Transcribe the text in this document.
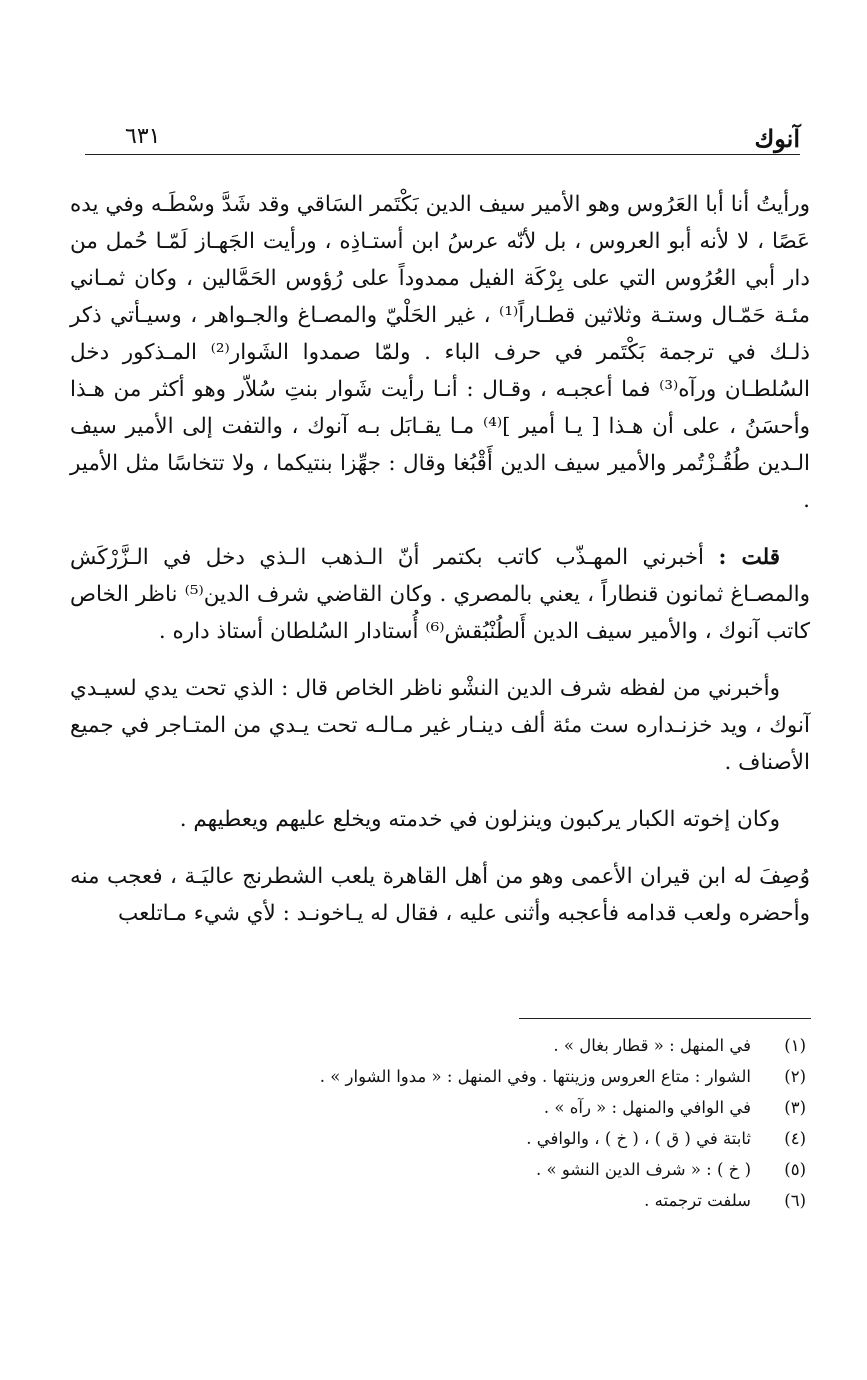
آنوك
٦٣١

ورأيتُ أنا أبا العَرُوس وهو الأمير سيف الدين بَكْتَمر السَاقي وقد شَدَّ وسْطَـه وفي يده عَصًا ، لا لأنه أبو العروس ، بل لأنّه عرسُ ابن أستـاذِه ، ورأيت الجَهـاز لَمّـا حُمل من دار أبي العُرُوس التي على بِرْكَة الفيل ممدوداً على رُؤوس الحَمَّالين ، وكان ثمـاني مئـة حَمّـال وستـة وثلاثين قطـاراً⁽¹⁾ ، غير الحَلْيّ والمصـاغ والجـواهر ، وسيـأتي ذكر ذلـك في ترجمة بَكْتَمر في حرف الباء . ولمّا صمدوا الشَوار⁽²⁾ المـذكور دخل السُلطـان ورآه⁽³⁾ فما أعجبـه ، وقـال : أنـا رأيت شَوار بنتِ سُلاّر وهو أكثر من هـذا وأحسَنُ ، على أن هـذا [ يـا أمير ]⁽⁴⁾ مـا يقـابَل بـه آنوك ، والتفت إلى الأمير سيف الـدين طُقُـزْتُمر والأمير سيف الدين أَقْبُغا وقال : جهِّزا بنتيكما ، ولا تتخاسًا مثل الأمير .

قلت : أخبرني المهـذّب كاتب بكتمر أنّ الـذهب الـذي دخل في الـزَّرْكَش والمصـاغ ثمانون قنطاراً ، يعني بالمصري . وكان القاضي شرف الدين⁽⁵⁾ ناظر الخاص كاتب آنوك ، والأمير سيف الدين أَلطُنْبُقش⁽⁶⁾ أُستادار السُلطان أستاذ داره .

وأخبرني من لفظه شرف الدين النشْو ناظر الخاص قال : الذي تحت يدي لسيـدي آنوك ، ويد خزنـداره ست مئة ألف دينـار غير مـالـه تحت يـدي من المتـاجر في جميع الأصناف .

وكان إخوته الكبار يركبون وينزلون في خدمته ويخلع عليهم ويعطيهم .

وُصِفَ له ابن قيران الأعمى وهو من أهل القاهرة يلعب الشطرنج عاليَـة ، فعجب منه وأحضره ولعب قدامه فأعجبه وأثنى عليه ، فقال له يـاخونـد : لأي شيء مـاتلعب

(١)
في المنهل : « قطار بغال » .
(٢)
الشوار : متاع العروس وزينتها . وفي المنهل : « مدوا الشوار » .
(٣)
في الوافي والمنهل : « رآه » .
(٤)
ثابتة في ( ق ) ، ( خ ) ، والوافي .
(٥)
( خ ) : « شرف الدين النشو » .
(٦)
سلفت ترجمته .
